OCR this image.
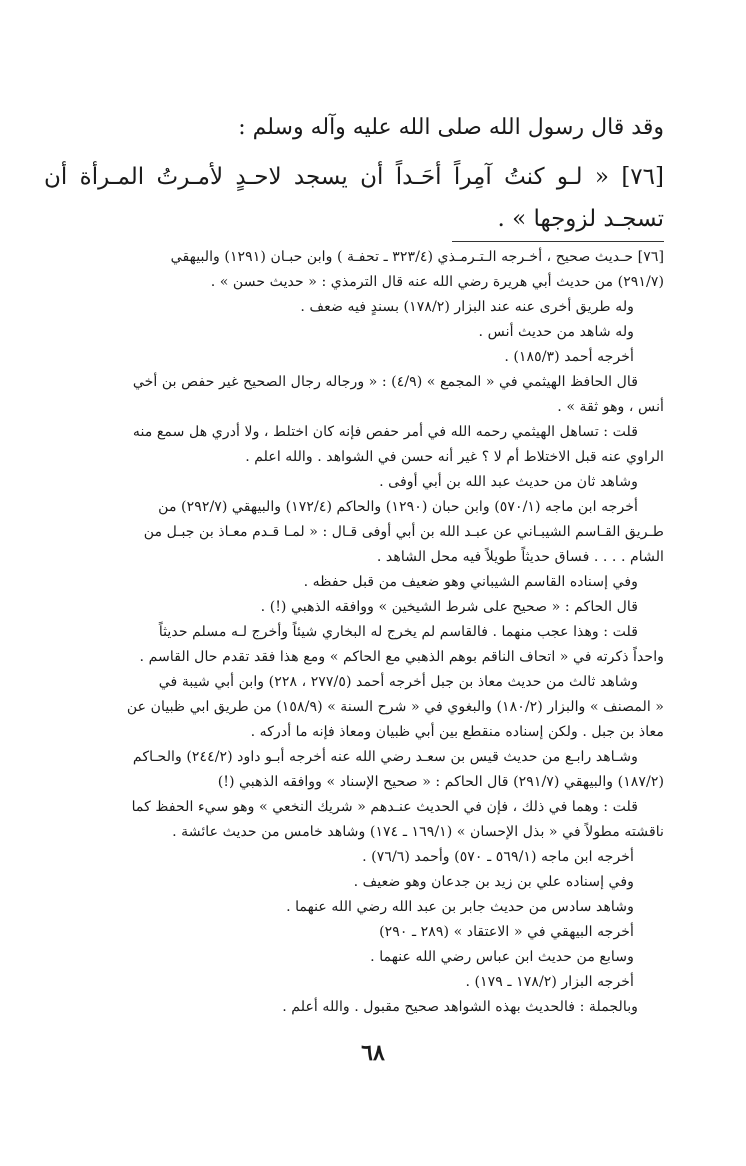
وقد قال رسول الله صلى الله عليه وآله وسلم :
[٧٦] « لـو كنتُ آمِراً أحَـداً أن يسجد لاحـدٍ لأمـرتُ المـرأة أن تسجـد لزوجها » .

[٧٦] حـديث صحيح ، أخـرجه الـتـرمـذي (٣٢٣/٤ ـ تحفـة ) وابن حبـان (١٢٩١) والبيهقي

(٢٩١/٧) من حديث أبي هريرة رضي الله عنه قال الترمذي : « حديث حسن » .

وله طريق أخرى عنه عند البزار (١٧٨/٢) بسندٍ فيه ضعف .

وله شاهد من حديث أنس .

أخرجه أحمد (١٨٥/٣) .

قال الحافظ الهيثمي في « المجمع » (٤/٩) : « ورجاله رجال الصحيح غير حفص بن أخي

أنس ، وهو ثقة » .

قلت : تساهل الهيثمي رحمه الله في أمر حفص فإنه كان اختلط ، ولا أدري هل سمع منه

الراوي عنه قبل الاختلاط أم لا ؟ غير أنه حسن في الشواهد . والله اعلم .

وشاهد ثان من حديث عبد الله بن أبي أوفى .

أخرجه ابن ماجه (٥٧٠/١) وابن حبان (١٢٩٠) والحاكم (١٧٢/٤) والبيهقي (٢٩٢/٧) من

طـريق القـاسم الشيبـاني عن عبـد الله بن أبي أوفى قـال : « لمـا قـدم معـاذ بن جبـل من

الشام . . . . فساق حديثاً طويلاً فيه محل الشاهد .

وفي إسناده القاسم الشيباني وهو ضعيف من قبل حفظه .

قال الحاكم : « صحيح على شرط الشيخين » ووافقه الذهبي (!) .

قلت : وهذا عجب منهما . فالقاسم لم يخرج له البخاري شيئاً وأخرج لـه مسلم حديثاً

واحداً ذكرته في « اتحاف الناقم بوهم الذهبي مع الحاكم » ومع هذا فقد تقدم حال القاسم .

وشاهد ثالث من حديث معاذ بن جبل أخرجه أحمد (٢٧٧/٥ ، ٢٢٨) وابن أبي شيبة في

« المصنف » والبزار (١٨٠/٢) والبغوي في « شرح السنة » (١٥٨/٩) من طريق ابي ظبيان عن

معاذ بن جبل . ولكن إسناده منقطع بين أبي ظبيان ومعاذ فإنه ما أدركه .

وشـاهد رابـع من حديث قيس بن سعـد رضي الله عنه أخرجه أبـو داود (٢٤٤/٢) والحـاكم

(١٨٧/٢) والبيهقي (٢٩١/٧) قال الحاكم : « صحيح الإسناد » ووافقه الذهبي (!)

قلت : وهما في ذلك ، فإن في الحديث عنـدهم « شريك النخعي » وهو سيء الحفظ كما

ناقشته مطولاً في « بذل الإحسان » (١٦٩/١ ـ ١٧٤) وشاهد خامس من حديث عائشة .

أخرجه ابن ماجه (٥٦٩/١ ـ ٥٧٠) وأحمد (٧٦/٦) .

وفي إسناده علي بن زيد بن جدعان وهو ضعيف .

وشاهد سادس من حديث جابر بن عبد الله رضي الله عنهما .

أخرجه البيهقي في « الاعتقاد » (٢٨٩ ـ ٢٩٠)

وسابع من حديث ابن عباس رضي الله عنهما .

أخرجه البزار (١٧٨/٢ ـ ١٧٩) .

وبالجملة : فالحديث بهذه الشواهد صحيح مقبول . والله أعلم .

٦٨
